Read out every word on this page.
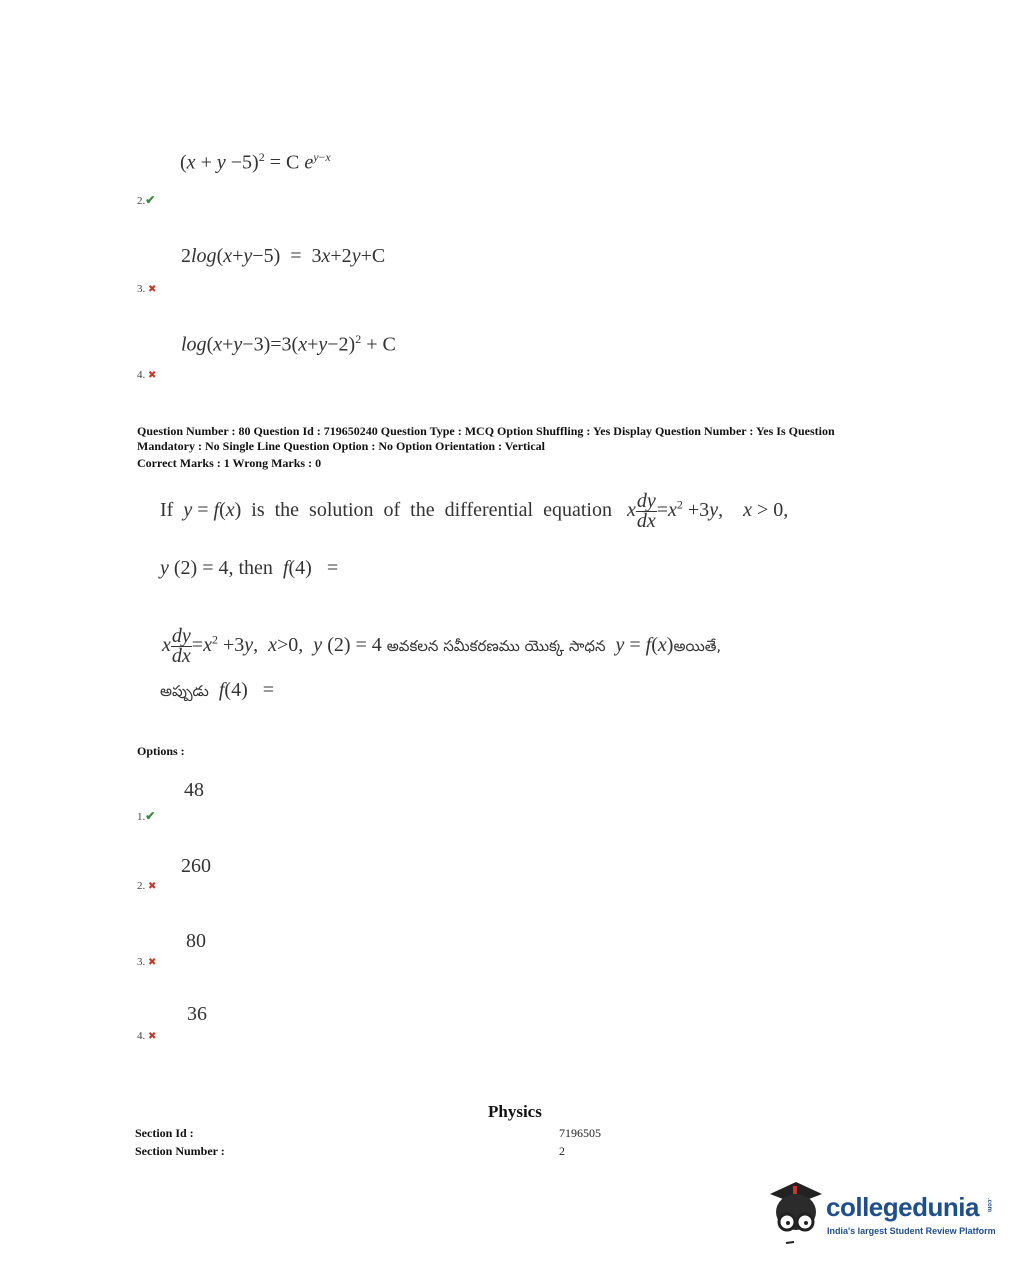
$(x + y -5)^2 = C$ $e^{y-x}$
2.✔
2log(x+y−5)  =  3x+2y+C
3. ✖
$\log(x+y-3)=3(x+y-2)^2 + C$
4. ✖
Question Number : 80 Question Id : 719650240 Question Type : MCQ Option Shuffling : Yes Display Question Number : Yes Is Question
Mandatory : No Single Line Question Option : No Option Orientation : Vertical
Correct Marks : 1 Wrong Marks : 0
If  y = f(x)  is  the  solution  of  the  differential  equation   x $\frac{dy}{dx} =x^2 +3y$,    x > 0,
y (2) = 4, then  f(4)   =
x $\frac{dy}{dx} =x^2 +3y$,  x>0,  y (2) = 4 అవకలన సమీకరణము యొక్క సాధన y = f(x)అయితే,
అప్పుడు f(4)   =
Options :
48
1.✔
260
2. ✖
80
3. ✖
36
4. ✖
Physics
Section Id :	7196505
Section Number :	2
collegedunia .com
India's largest Student Review Platform
